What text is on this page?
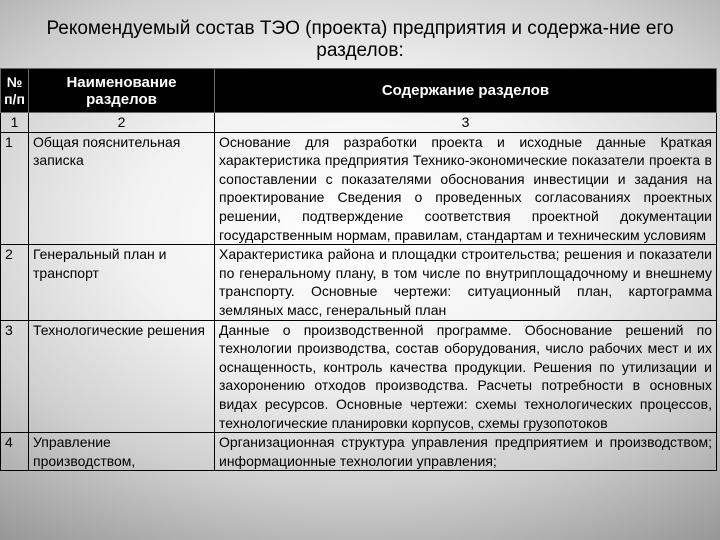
Рекомендуемый состав ТЭО (проекта) предприятия и содержа-ние его разделов:
№ п/п	Наименование разделов	Содержание разделов
1	2	3
1	Общая пояснительная записка	Основание для разработки проекта и исходные данные Краткая характеристика предприятия Технико-экономические показатели проекта в сопоставлении с показателями обоснования инвестиции и задания на проектирование Сведения о проведенных согласованиях проектных решении, подтверждение соответствия проектной документации государственным нормам, правилам, стандартам и техническим условиям
2	Генеральный план и транспорт	Характеристика района и площадки строительства; решения и показатели по генеральному плану, в том числе по внутриплощадочному и внешнему транспорту. Основные чертежи: ситуационный план, картограмма земляных масс, генеральный план
3	Технологические решения	Данные о производственной программе. Обоснование решений по технологии производства, состав оборудования, число рабочих мест и их оснащенность, контроль качества продукции. Решения по утилизации и захоронению отходов производства. Расчеты потребности в основных видах ресурсов. Основные чертежи: схемы технологических процессов, технологические планировки корпусов, схемы грузопотоков
4	Управление производством,	Организационная структура управления предприятием и производством; информационные технологии управления;
